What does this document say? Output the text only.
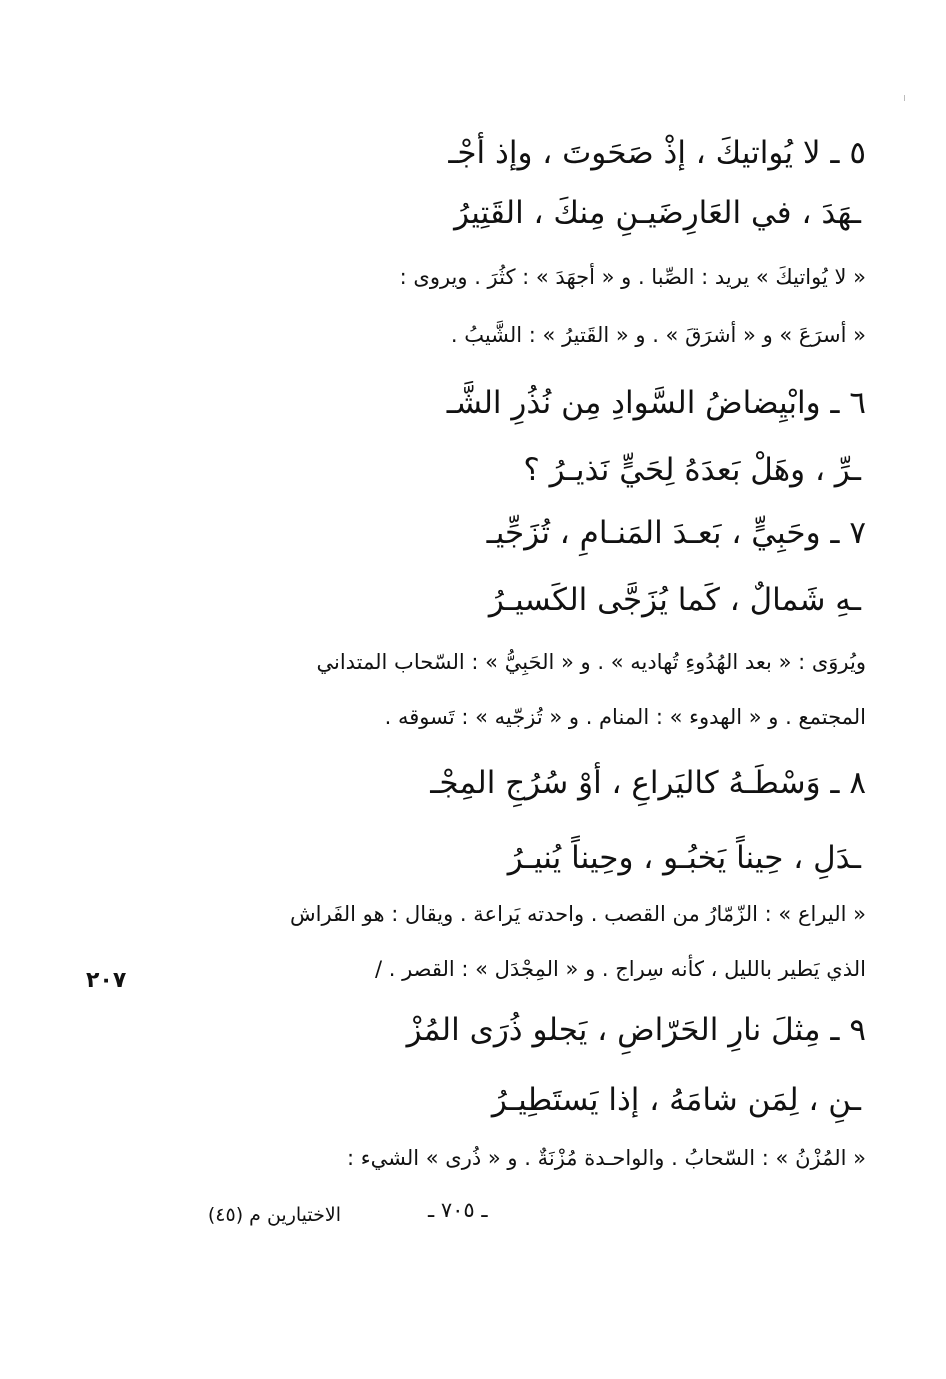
٥ ـ لا يُواتيكَ ، إذْ صَحَوتَ ، وإذ أجْـ
ـهَدَ ، في العَارِضَيـنِ مِنكَ ، القَتِيرُ
« لا يُواتيكَ » يريد : الصِّبا . و « أجهَدَ » : كثُرَ . ويروى :
« أسرَعَ » و « أشرَقَ » . و « القَتيرُ » : الشَّيبُ .
٦ ـ وابْيِضاضُ السَّوادِ مِن نُذُرِ الشَّـ
ـرِّ ، وهَلْ بَعدَهُ لِحَيٍّ نَذيـرُ ؟
٧ ـ وحَبِيٍّ ، بَعـدَ المَنـامِ ، تُزَجِّيـ
ـهِ شَمالٌ ، كَما يُزَجَّى الكَسيـرُ
ويُروَى : « بعد الهُدُوءِ تُهاديه » . و « الحَبِيُّ » : السّحاب المتداني
المجتمع . و « الهدوء » : المنام . و « تُزجّيه » : تَسوقه .
٨ ـ وَسْطَـهُ كاليَراعِ ، أوْ سُرُجِ المِجْـ
ـدَلِ ، حِيناً يَخبُـو ، وحِيناً يُنيـرُ
« اليراع » : الزّمّارُ من القصب . واحدته يَراعة . ويقال : هو الفَراش
الذي يَطير بالليل ، كأنه سِراج . و « المِجْدَل » : القصر . /
٩ ـ مِثلَ نارِ الحَرّاضِ ، يَجلو ذُرَى المُزْ
ـنِ ، لِمَن شامَهُ ، إذا يَستَطِيـرُ
« المُزْنُ » : السّحابُ . والواحـدة مُزْنَةٌ . و « ذُرى » الشيء :
٢٠٧
ـ ٧٠٥ ـ
الاختيارين م (٤٥)
